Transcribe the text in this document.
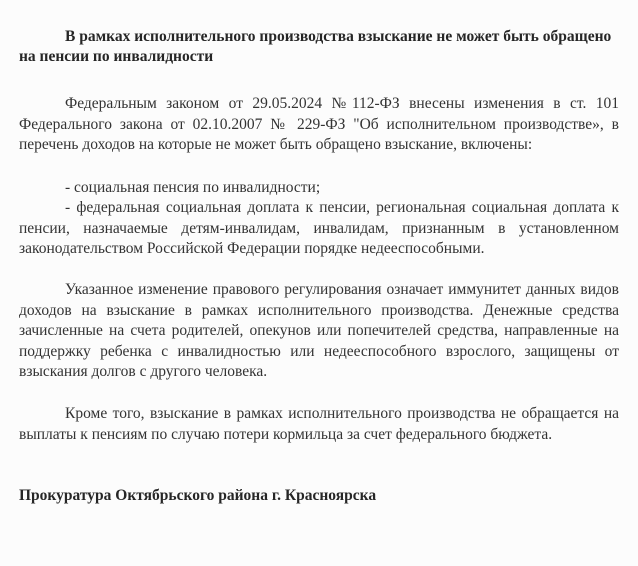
В рамках исполнительного производства взыскание не может быть обращено на пенсии по инвалидности

Федеральным законом от 29.05.2024 №112-ФЗ внесены изменения в ст. 101 Федерального закона от 02.10.2007 № 229-ФЗ "Об исполнительном производстве», в перечень доходов на которые не может быть обращено взыскание, включены:

- социальная пенсия по инвалидности;

- федеральная социальная доплата к пенсии, региональная социальная доплата к пенсии, назначаемые детям-инвалидам, инвалидам, признанным в установленном законодательством Российской Федерации порядке недееспособными.

Указанное изменение правового регулирования означает иммунитет данных видов доходов на взыскание в рамках исполнительного производства. Денежные средства зачисленные на счета родителей, опекунов или попечителей средства, направленные на поддержку ребенка с инвалидностью или недееспособного взрослого, защищены от взыскания долгов с другого человека.

Кроме того, взыскание в рамках исполнительного производства не обращается на выплаты к пенсиям по случаю потери кормильца за счет федерального бюджета.

Прокуратура Октябрьского района г. Красноярска
